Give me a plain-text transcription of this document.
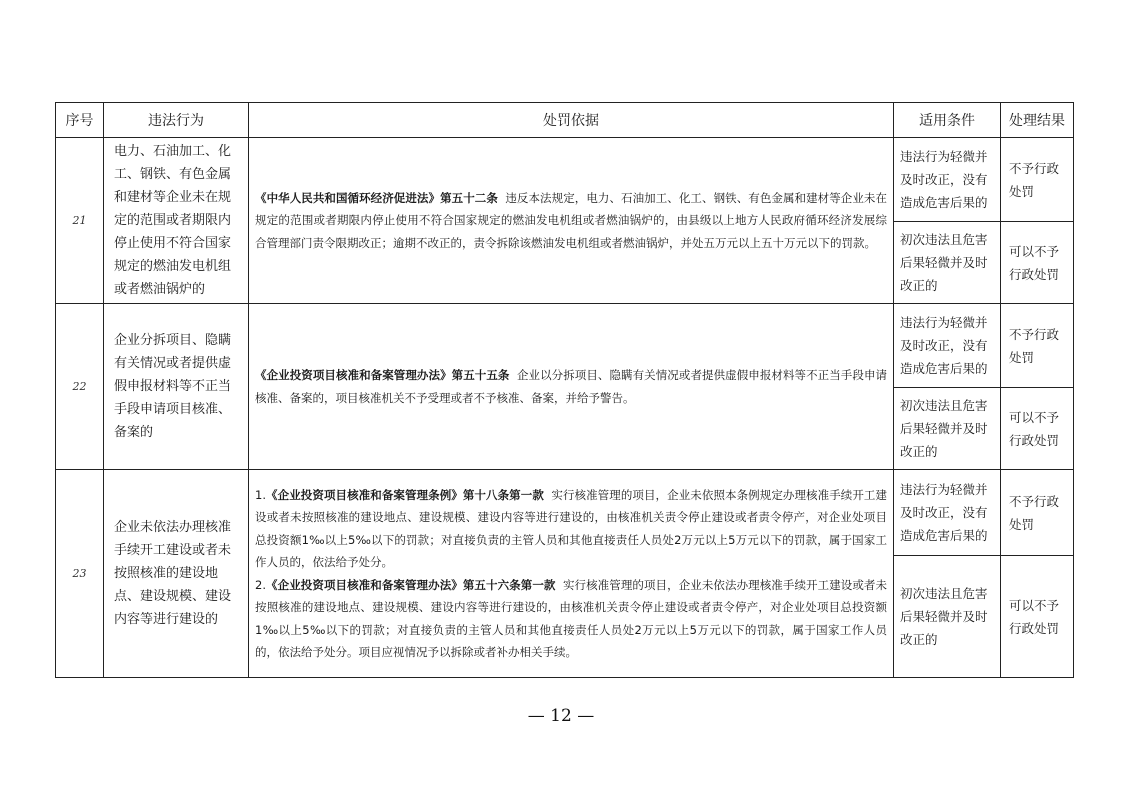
序号	违法行为	处罚依据	适用条件	处理结果
21	电力、石油加工、化工、钢铁、有色金属和建材等企业未在规定的范围或者期限内停止使用不符合国家规定的燃油发电机组或者燃油锅炉的	《中华人民共和国循环经济促进法》第五十二条 违反本法规定，电力、石油加工、化工、钢铁、有色金属和建材等企业未在规定的范围或者期限内停止使用不符合国家规定的燃油发电机组或者燃油锅炉的，由县级以上地方人民政府循环经济发展综合管理部门责令限期改正；逾期不改正的，责令拆除该燃油发电机组或者燃油锅炉，并处五万元以上五十万元以下的罚款。	违法行为轻微并及时改正，没有造成危害后果的	不予行政处罚
			初次违法且危害后果轻微并及时改正的	可以不予行政处罚
22	企业分拆项目、隐瞒有关情况或者提供虚假申报材料等不正当手段申请项目核准、备案的	《企业投资项目核准和备案管理办法》第五十五条 企业以分拆项目、隐瞒有关情况或者提供虚假申报材料等不正当手段申请核准、备案的，项目核准机关不予受理或者不予核准、备案，并给予警告。	违法行为轻微并及时改正，没有造成危害后果的	不予行政处罚
			初次违法且危害后果轻微并及时改正的	可以不予行政处罚
23	企业未依法办理核准手续开工建设或者未按照核准的建设地点、建设规模、建设内容等进行建设的	1.《企业投资项目核准和备案管理条例》第十八条第一款 实行核准管理的项目，企业未依照本条例规定办理核准手续开工建设或者未按照核准的建设地点、建设规模、建设内容等进行建设的，由核准机关责令停止建设或者责令停产，对企业处项目总投资额1‰以上5‰以下的罚款；对直接负责的主管人员和其他直接责任人员处2万元以上5万元以下的罚款，属于国家工作人员的，依法给予处分。

2.《企业投资项目核准和备案管理办法》第五十六条第一款 实行核准管理的项目，企业未依法办理核准手续开工建设或者未按照核准的建设地点、建设规模、建设内容等进行建设的，由核准机关责令停止建设或者责令停产，对企业处项目总投资额1‰以上5‰以下的罚款；对直接负责的主管人员和其他直接责任人员处2万元以上5万元以下的罚款，属于国家工作人员的，依法给予处分。项目应视情况予以拆除或者补办相关手续。	违法行为轻微并及时改正，没有造成危害后果的	不予行政处罚
			初次违法且危害后果轻微并及时改正的	可以不予行政处罚
— 12 —
